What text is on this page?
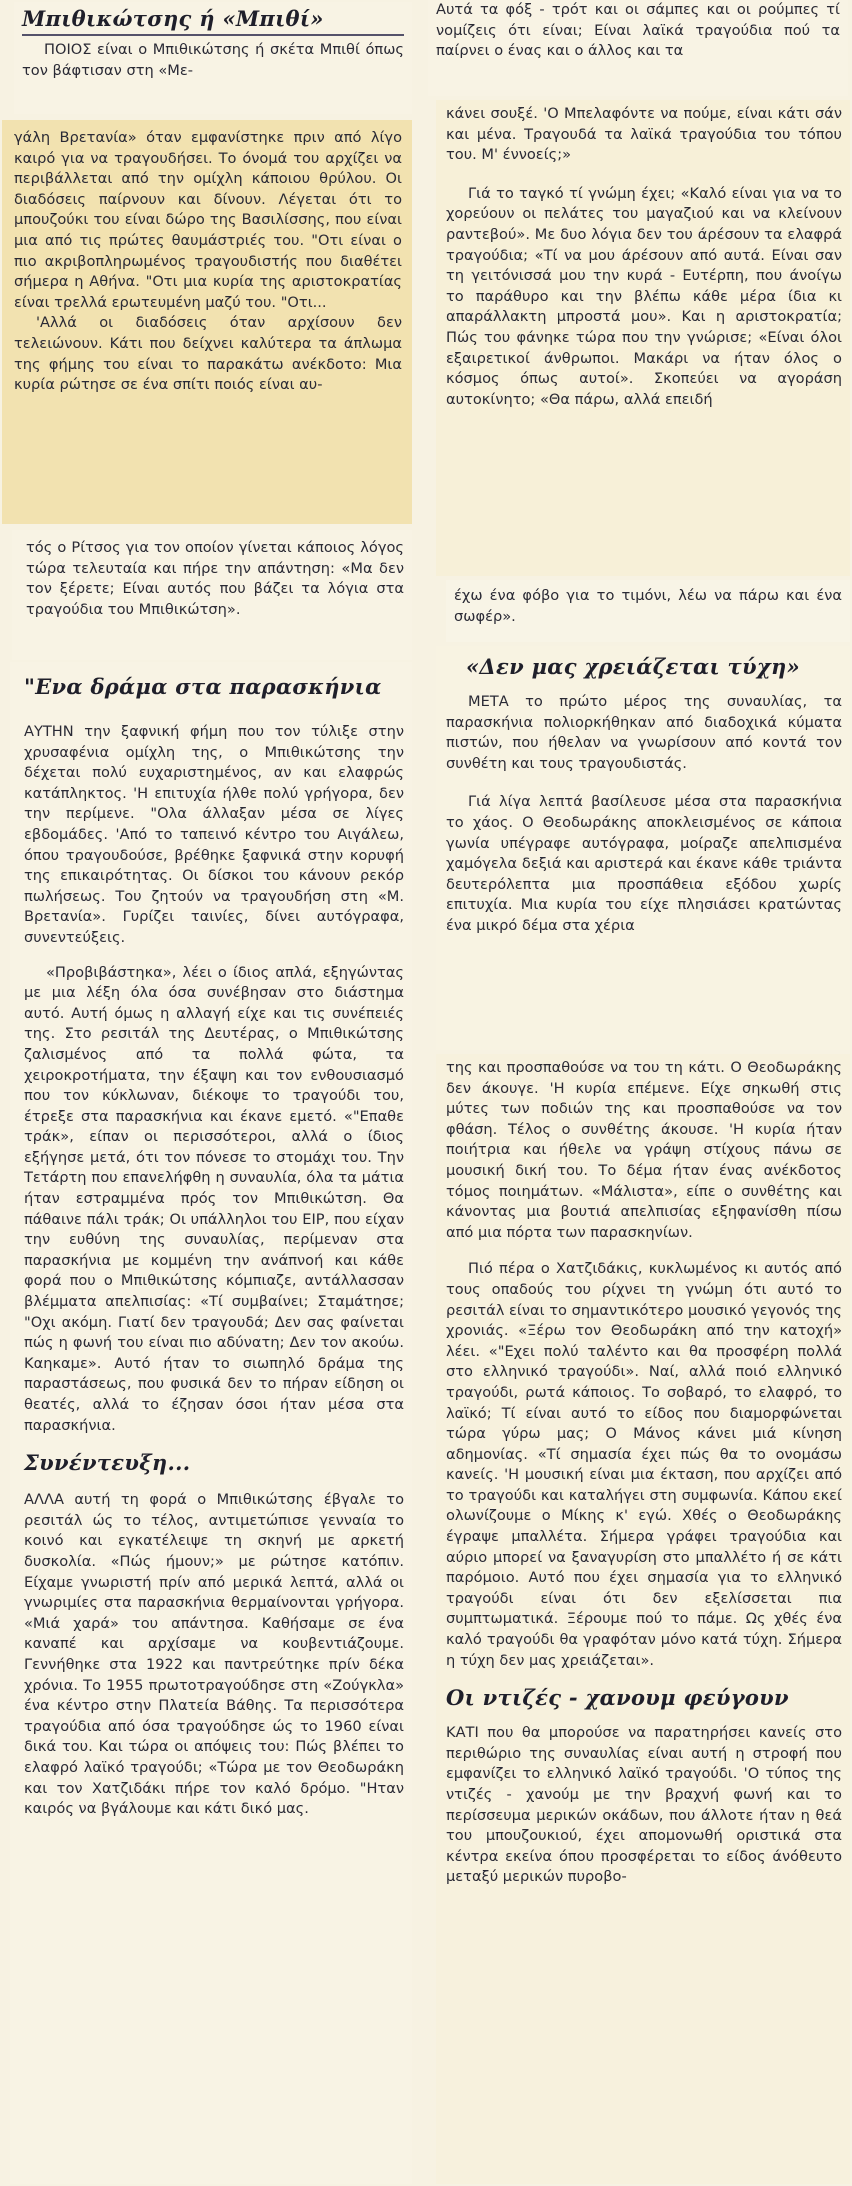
Μπιθικώτσης ή «Μπιθί»

ΠΟΙΟΣ είναι ο Μπιθικώτσης ή σκέτα Μπιθί όπως τον βάφτισαν στη «Με-

γάλη Βρετανία» όταν εμφανίστηκε πριν από λίγο καιρό για να τραγουδήσει. Το όνομά του αρχίζει να περιβάλλεται από την ομίχλη κάποιου θρύλου. Οι διαδόσεις παίρνουν και δίνουν. Λέγεται ότι το μπουζούκι του είναι δώρο της Βασιλίσσης, που είναι μια από τις πρώτες θαυμάστριές του. "Οτι είναι ο πιο ακριβοπληρωμένος τραγουδιστής που διαθέτει σήμερα η Αθήνα. "Οτι μια κυρία της αριστοκρατίας είναι τρελλά ερωτευμένη μαζύ του. "Οτι...

'Αλλά οι διαδόσεις όταν αρχίσουν δεν τελειώνουν. Κάτι που δείχνει καλύτερα τα άπλωμα της φήμης του είναι το παρακάτω ανέκδοτο: Μια κυρία ρώτησε σε ένα σπίτι ποιός είναι αυ-

τός ο Ρίτσος για τον οποίον γίνεται κάποιος λόγος τώρα τελευταία και πήρε την απάντηση: «Μα δεν τον ξέρετε; Είναι αυτός που βάζει τα λόγια στα τραγούδια του Μπιθικώτση».

"Ενα δράμα στα παρασκήνια

ΑΥΤΗΝ την ξαφνική φήμη που τον τύλιξε στην χρυσαφένια ομίχλη της, ο Μπιθικώτσης την δέχεται πολύ ευχαριστημένος, αν και ελαφρώς κατάπληκτος. 'Η επιτυχία ήλθε πολύ γρήγορα, δεν την περίμενε. "Ολα άλλαξαν μέσα σε λίγες εβδομάδες. 'Από το ταπεινό κέντρο του Αιγάλεω, όπου τραγουδούσε, βρέθηκε ξαφνικά στην κορυφή της επικαιρότητας. Οι δίσκοι του κάνουν ρεκόρ πωλήσεως. Του ζητούν να τραγουδήση στη «Μ. Βρετανία». Γυρίζει ταινίες, δίνει αυτόγραφα, συνεντεύξεις.

«Προβιβάστηκα», λέει ο ίδιος απλά, εξηγώντας με μια λέξη όλα όσα συνέβησαν στο διάστημα αυτό. Αυτή όμως η αλλαγή είχε και τις συνέπειές της. Στο ρεσιτάλ της Δευτέρας, ο Μπιθικώτσης ζαλισμένος από τα πολλά φώτα, τα χειροκροτήματα, την έξαψη και τον ενθουσιασμό που τον κύκλωναν, διέκοψε το τραγούδι του, έτρεξε στα παρασκήνια και έκανε εμετό. «"Επαθε τράκ», είπαν οι περισσότεροι, αλλά ο ίδιος εξήγησε μετά, ότι τον πόνεσε το στομάχι του. Την Τετάρτη που επανελήφθη η συναυλία, όλα τα μάτια ήταν εστραμμένα πρός τον Μπιθικώτση. Θα πάθαινε πάλι τράκ; Οι υπάλληλοι του ΕΙΡ, που είχαν την ευθύνη της συναυλίας, περίμεναν στα παρασκήνια με κομμένη την ανάπνοή και κάθε φορά που ο Μπιθικώτσης κόμπιαζε, αντάλλασσαν βλέμματα απελπισίας: «Τί συμβαίνει; Σταμάτησε; "Οχι ακόμη. Γιατί δεν τραγουδά; Δεν σας φαίνεται πώς η φωνή του είναι πιο αδύνατη; Δεν τον ακούω. Καηκαμε». Αυτό ήταν το σιωπηλό δράμα της παραστάσεως, που φυσικά δεν το πήραν είδηση οι θεατές, αλλά το έζησαν όσοι ήταν μέσα στα παρασκήνια.

Συνέντευξη...

ΑΛΛΑ αυτή τη φορά ο Μπιθικώτσης έβγαλε το ρεσιτάλ ώς το τέλος, αντιμετώπισε γενναία το κοινό και εγκατέλειψε τη σκηνή με αρκετή δυσκολία. «Πώς ήμουν;» με ρώτησε κατόπιν. Είχαμε γνωριστή πρίν από μερικά λεπτά, αλλά οι γνωριμίες στα παρασκήνια θερμαίνονται γρήγορα. «Μιά χαρά» του απάντησα. Καθήσαμε σε ένα καναπέ και αρχίσαμε να κουβεντιάζουμε. Γεννήθηκε στα 1922 και παντρεύτηκε πρίν δέκα χρόνια. Το 1955 πρωτοτραγούδησε στη «Ζούγκλα» ένα κέντρο στην Πλατεία Βάθης. Τα περισσότερα τραγούδια από όσα τραγούδησε ώς το 1960 είναι δικά του. Και τώρα οι απόψεις του: Πώς βλέπει το ελαφρό λαϊκό τραγούδι; «Τώρα με τον Θεοδωράκη και τον Χατζιδάκι πήρε τον καλό δρόμο. "Ηταν καιρός να βγάλουμε και κάτι δικό μας.

Αυτά τα φόξ - τρότ και οι σάμπες και οι ρούμπες τί νομίζεις ότι είναι; Είναι λαϊκά τραγούδια πού τα παίρνει ο ένας και ο άλλος και τα

κάνει σουξέ. 'Ο Μπελαφόντε να πούμε, είναι κάτι σάν και μένα. Τραγουδά τα λαϊκά τραγούδια του τόπου του. Μ' έννοείς;»

Γιά το ταγκό τί γνώμη έχει; «Καλό είναι για να το χορεύουν οι πελάτες του μαγαζιού και να κλείνουν ραντεβού». Με δυο λόγια δεν του άρέσουν τα ελαφρά τραγούδια; «Τί να μου άρέσουν από αυτά. Είναι σαν τη γειτόνισσά μου την κυρά - Ευτέρπη, που άνοίγω το παράθυρο και την βλέπω κάθε μέρα ίδια κι απαράλλακτη μπροστά μου». Και η αριστοκρατία; Πώς του φάνηκε τώρα που την γνώρισε; «Είναι όλοι εξαιρετικοί άνθρωποι. Μακάρι να ήταν όλος ο κόσμος όπως αυτοί». Σκοπεύει να αγοράση αυτοκίνητο; «Θα πάρω, αλλά επειδή

έχω ένα φόβο για το τιμόνι, λέω να πάρω και ένα σωφέρ».

«Δεν μας χρειάζεται τύχη»

ΜΕΤΑ το πρώτο μέρος της συναυλίας, τα παρασκήνια πολιορκήθηκαν από διαδοχικά κύματα πιστών, που ήθελαν να γνωρίσουν από κοντά τον συνθέτη και τους τραγουδιστάς.

Γιά λίγα λεπτά βασίλευσε μέσα στα παρασκήνια το χάος. Ο Θεοδωράκης αποκλεισμένος σε κάποια γωνία υπέγραφε αυτόγραφα, μοίραζε απελπισμένα χαμόγελα δεξιά και αριστερά και έκανε κάθε τριάντα δευτερόλεπτα μια προσπάθεια εξόδου χωρίς επιτυχία. Μια κυρία του είχε πλησιάσει κρατώντας ένα μικρό δέμα στα χέρια

της και προσπαθούσε να του τη κάτι. Ο Θεοδωράκης δεν άκουγε. 'Η κυρία επέμενε. Είχε σηκωθή στις μύτες των ποδιών της και προσπαθούσε να τον φθάση. Τέλος ο συνθέτης άκουσε. 'Η κυρία ήταν ποιήτρια και ήθελε να γράψη στίχους πάνω σε μουσική δική του. Το δέμα ήταν ένας ανέκδοτος τόμος ποιημάτων. «Μάλιστα», είπε ο συνθέτης και κάνοντας μια βουτιά απελπισίας εξηφανίσθη πίσω από μια πόρτα των παρασκηνίων.

Πιό πέρα ο Χατζιδάκις, κυκλωμένος κι αυτός από τους οπαδούς του ρίχνει τη γνώμη ότι αυτό το ρεσιτάλ είναι το σημαντικότερο μουσικό γεγονός της χρονιάς. «Ξέρω τον Θεοδωράκη από την κατοχή» λέει. «"Εχει πολύ ταλέντο και θα προσφέρη πολλά στο ελληνικό τραγούδι». Ναί, αλλά ποιό ελληνικό τραγούδι, ρωτά κάποιος. Το σοβαρό, το ελαφρό, το λαϊκό; Τί είναι αυτό το είδος που διαμορφώνεται τώρα γύρω μας; Ο Μάνος κάνει μιά κίνηση αδημονίας. «Τί σημασία έχει πώς θα το ονομάσω κανείς. 'Η μουσική είναι μια έκταση, που αρχίζει από το τραγούδι και καταλήγει στη συμφωνία. Κάπου εκεί ολωνίζουμε ο Μίκης κ' εγώ. Χθές ο Θεοδωράκης έγραψε μπαλλέτα. Σήμερα γράφει τραγούδια και αύριο μπορεί να ξαναγυρίση στο μπαλλέτο ή σε κάτι παρόμοιο. Αυτό που έχει σημασία για το ελληνικό τραγούδι είναι ότι δεν εξελίσσεται πια συμπτωματικά. Ξέρουμε πού το πάμε. Ως χθές ένα καλό τραγούδι θα γραφόταν μόνο κατά τύχη. Σήμερα η τύχη δεν μας χρειάζεται».

Οι ντιζές - χανουμ φεύγουν

ΚΑΤΙ που θα μπορούσε να παρατηρήσει κανείς στο περιθώριο της συναυλίας είναι αυτή η στροφή που εμφανίζει το ελληνικό λαϊκό τραγούδι. 'Ο τύπος της ντιζές - χανούμ με την βραχνή φωνή και το περίσσευμα μερικών οκάδων, που άλλοτε ήταν η θεά του μπουζουκιού, έχει απομονωθή οριστικά στα κέντρα εκείνα όπου προσφέρεται το είδος άνόθευτο μεταξύ μερικών πυροβο-
